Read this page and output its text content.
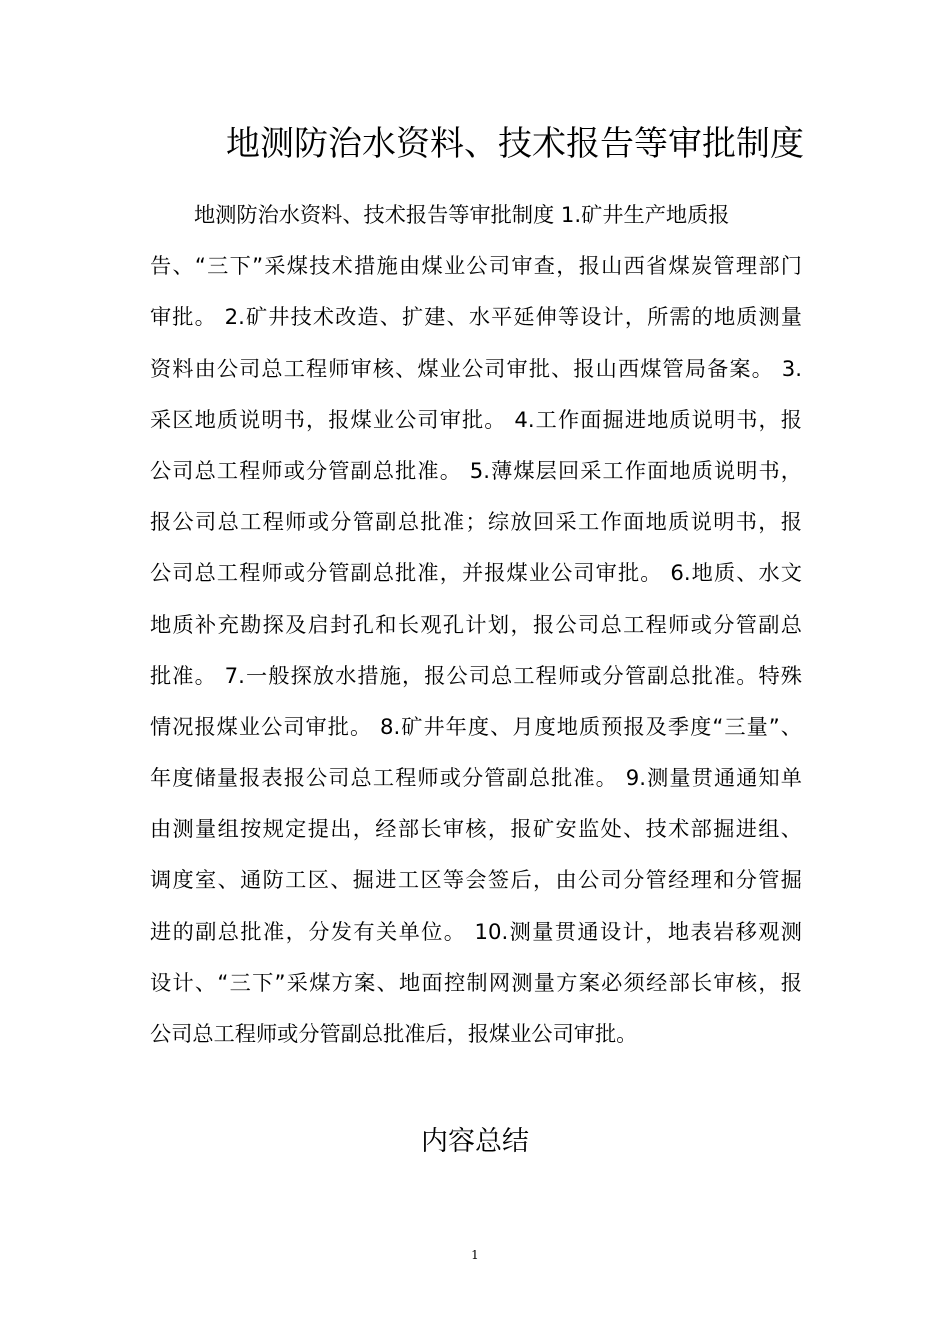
地测防治水资料、技术报告等审批制度
地测防治水资料、技术报告等审批制度 1.矿井生产地质报
告、“三下”采煤技术措施由煤业公司审查，报山西省煤炭管理部门
审批。 2.矿井技术改造、扩建、水平延伸等设计，所需的地质测量
资料由公司总工程师审核、煤业公司审批、报山西煤管局备案。 3.
采区地质说明书，报煤业公司审批。 4.工作面掘进地质说明书，报
公司总工程师或分管副总批准。 5.薄煤层回采工作面地质说明书，
报公司总工程师或分管副总批准；综放回采工作面地质说明书，报
公司总工程师或分管副总批准，并报煤业公司审批。 6.地质、水文
地质补充勘探及启封孔和长观孔计划，报公司总工程师或分管副总
批准。 7.一般探放水措施，报公司总工程师或分管副总批准。特殊
情况报煤业公司审批。 8.矿井年度、月度地质预报及季度“三量”、
年度储量报表报公司总工程师或分管副总批准。 9.测量贯通通知单
由测量组按规定提出，经部长审核，报矿安监处、技术部掘进组、
调度室、通防工区、掘进工区等会签后，由公司分管经理和分管掘
进的副总批准，分发有关单位。 10.测量贯通设计，地表岩移观测
设计、“三下”采煤方案、地面控制网测量方案必须经部长审核，报
公司总工程师或分管副总批准后，报煤业公司审批。
内容总结
1
